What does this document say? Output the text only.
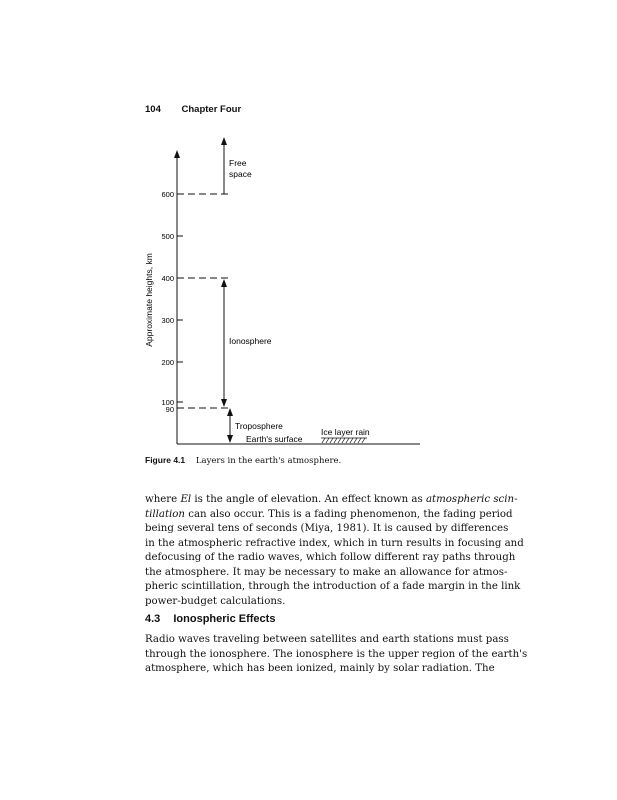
104 Chapter Four
Approximate heights, km
600
500
400
300
200
100
90
Free
space
Ionosphere
Troposphere
Earth's surface
Ice layer rain
Figure 4.1 Layers in the earth's atmosphere.
where El is the angle of elevation. An effect known as atmospheric scin-
tillation can also occur. This is a fading phenomenon, the fading period
being several tens of seconds (Miya, 1981). It is caused by differences
in the atmospheric refractive index, which in turn results in focusing and
defocusing of the radio waves, which follow different ray paths through
the atmosphere. It may be necessary to make an allowance for atmos-
pheric scintillation, through the introduction of a fade margin in the link
power-budget calculations.
4.3 Ionospheric Effects
Radio waves traveling between satellites and earth stations must pass
through the ionosphere. The ionosphere is the upper region of the earth's
atmosphere, which has been ionized, mainly by solar radiation. The
